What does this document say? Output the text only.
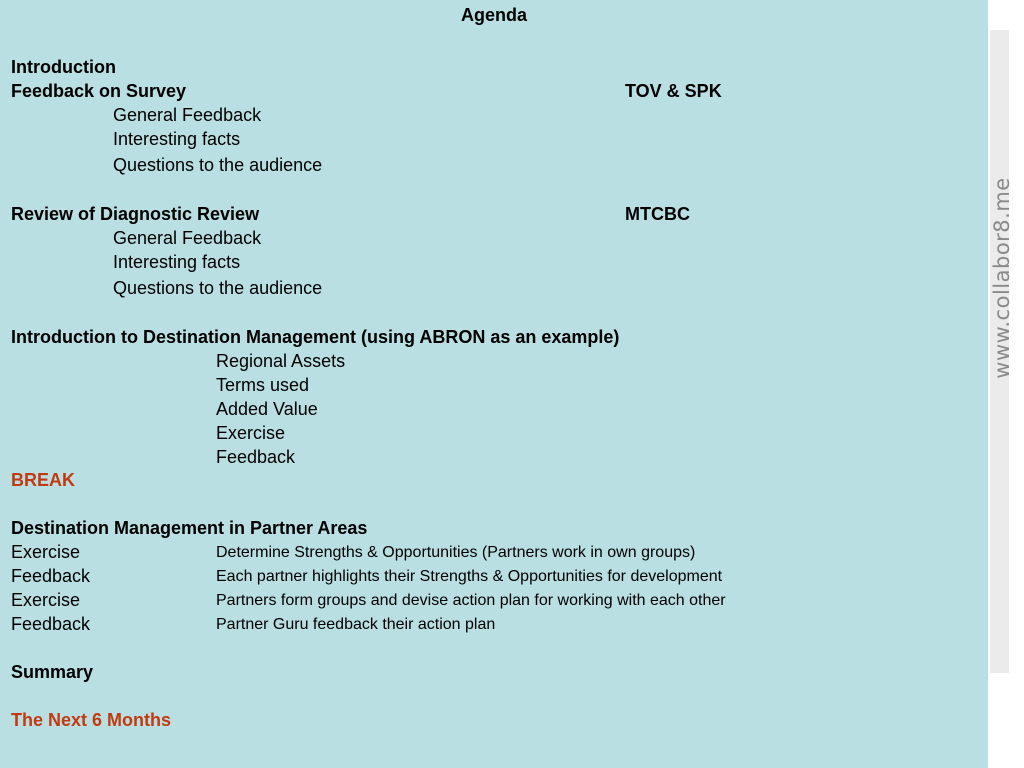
Agenda
Introduction
Feedback on Survey	TOV & SPK
General Feedback
Interesting facts
Questions to the audience
Review of Diagnostic Review	MTCBC
General Feedback
Interesting facts
Questions to the audience
Introduction to Destination Management (using ABRON as an example)
Regional Assets
Terms used
Added Value
Exercise
Feedback
BREAK
Destination Management in Partner Areas
Exercise	Determine Strengths & Opportunities (Partners work in own groups)
Feedback	Each partner highlights their Strengths & Opportunities for development
Exercise	Partners form groups and devise action plan for working with each other
Feedback	Partner Guru feedback their action plan
Summary
The Next 6 Months
www.collabor8.me
